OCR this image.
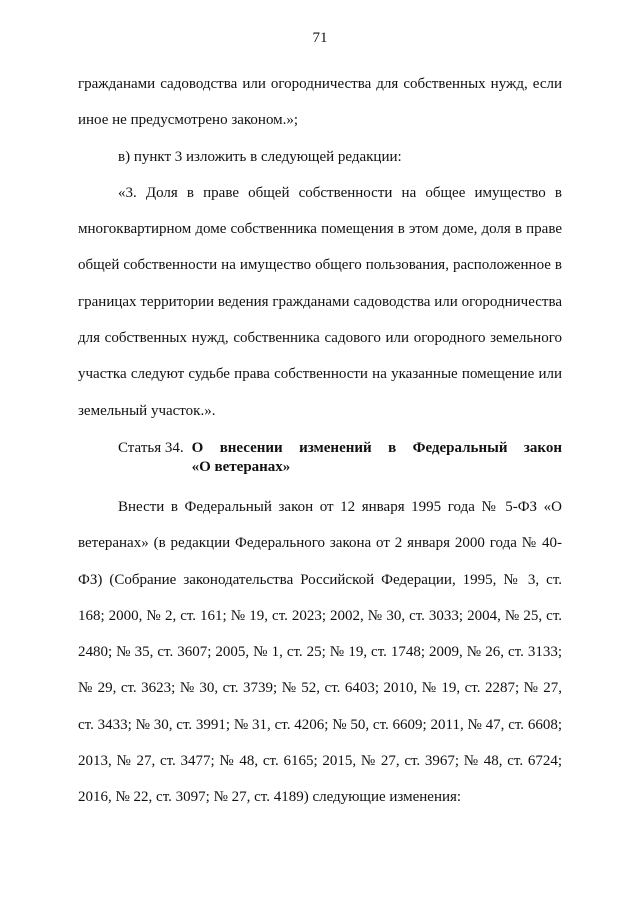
71

гражданами садоводства или огородничества для собственных нужд, если иное не предусмотрено законом.»;

в) пункт 3 изложить в следующей редакции:

«3. Доля в праве общей собственности на общее имущество в многоквартирном доме собственника помещения в этом доме, доля в праве общей собственности на имущество общего пользования, расположенное в границах территории ведения гражданами садоводства или огородничества для собственных нужд, собственника садового или огородного земельного участка следуют судьбе права собственности на указанные помещение или земельный участок.».

Статья 34. О внесении изменений в Федеральный закон
«О ветеранах»

Внести в Федеральный закон от 12 января 1995 года № 5-ФЗ «О ветеранах» (в редакции Федерального закона от 2 января 2000 года № 40-ФЗ) (Собрание законодательства Российской Федерации, 1995, № 3, ст. 168; 2000, № 2, ст. 161; № 19, ст. 2023; 2002, № 30, ст. 3033; 2004, № 25, ст. 2480; № 35, ст. 3607; 2005, № 1, ст. 25; № 19, ст. 1748; 2009, № 26, ст. 3133; № 29, ст. 3623; № 30, ст. 3739; № 52, ст. 6403; 2010, № 19, ст. 2287; № 27, ст. 3433; № 30, ст. 3991; № 31, ст. 4206; № 50, ст. 6609; 2011, № 47, ст. 6608; 2013, № 27, ст. 3477; № 48, ст. 6165; 2015, № 27, ст. 3967; № 48, ст. 6724; 2016, № 22, ст. 3097; № 27, ст. 4189) следующие изменения:
